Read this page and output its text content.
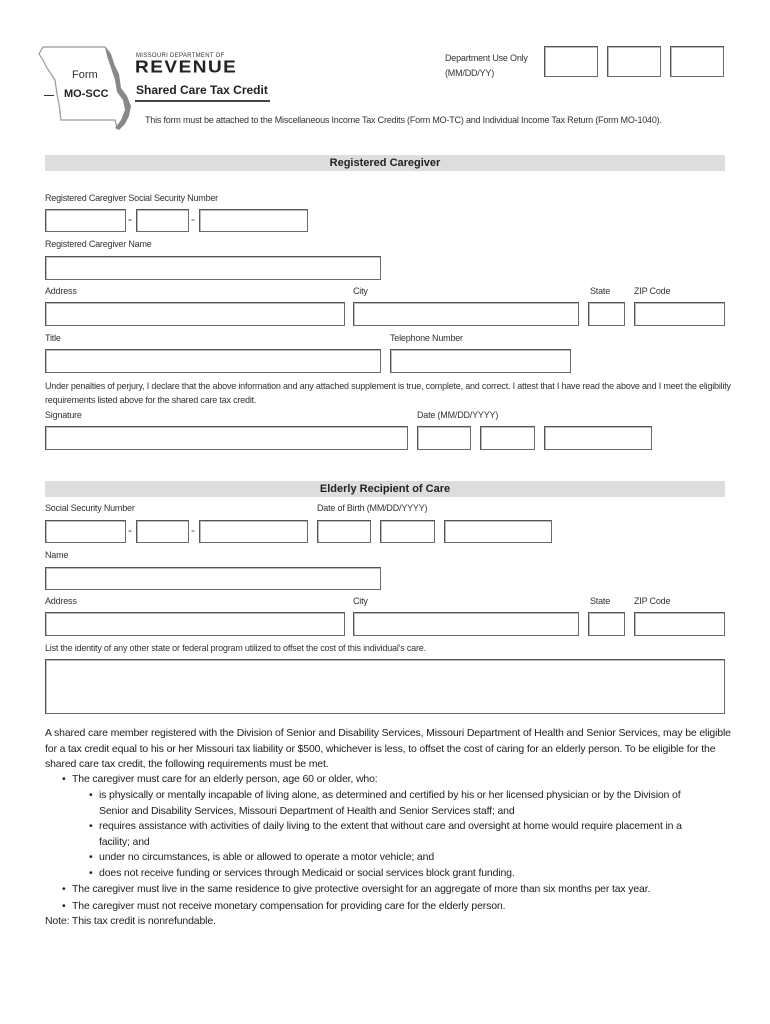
Form
MO-SCC
MISSOURI DEPARTMENT OF
REVENUE
Shared Care Tax Credit
This form must be attached to the Miscellaneous Income Tax Credits (Form MO-TC) and Individual Income Tax Return (Form MO-1040).
Department Use Only
(MM/DD/YY)
Registered Caregiver
Registered Caregiver Social Security Number
-	-
Registered Caregiver Name
Address	City	State	ZIP Code
Title	Telephone Number
Under penalties of perjury, I declare that the above information and any attached supplement is true, complete, and correct. I attest that I have read the above and I meet the eligibility requirements listed above for the shared care tax credit.
Signature	Date (MM/DD/YYYY)
Elderly Recipient of Care
Social Security Number	Date of Birth (MM/DD/YYYY)
-	-
Name
Address	City	State	ZIP Code
List the identity of any other state or federal program utilized to offset the cost of this individual’s care.
A shared care member registered with the Division of Senior and Disability Services, Missouri Department of Health and Senior Services, may be eligible for a tax credit equal to his or her Missouri tax liability or $500, whichever is less, to offset the cost of caring for an elderly person. To be eligible for the shared care tax credit, the following requirements must be met.
• The caregiver must care for an elderly person, age 60 or older, who:
• is physically or mentally incapable of living alone, as determined and certified by his or her licensed physician or by the Division of Senior and Disability Services, Missouri Department of Health and Senior Services staff; and
• requires assistance with activities of daily living to the extent that without care and oversight at home would require placement in a facility; and
• under no circumstances, is able or allowed to operate a motor vehicle; and
• does not receive funding or services through Medicaid or social services block grant funding.
• The caregiver must live in the same residence to give protective oversight for an aggregate of more than six months per tax year.
• The caregiver must not receive monetary compensation for providing care for the elderly person.
Note: This tax credit is nonrefundable.
